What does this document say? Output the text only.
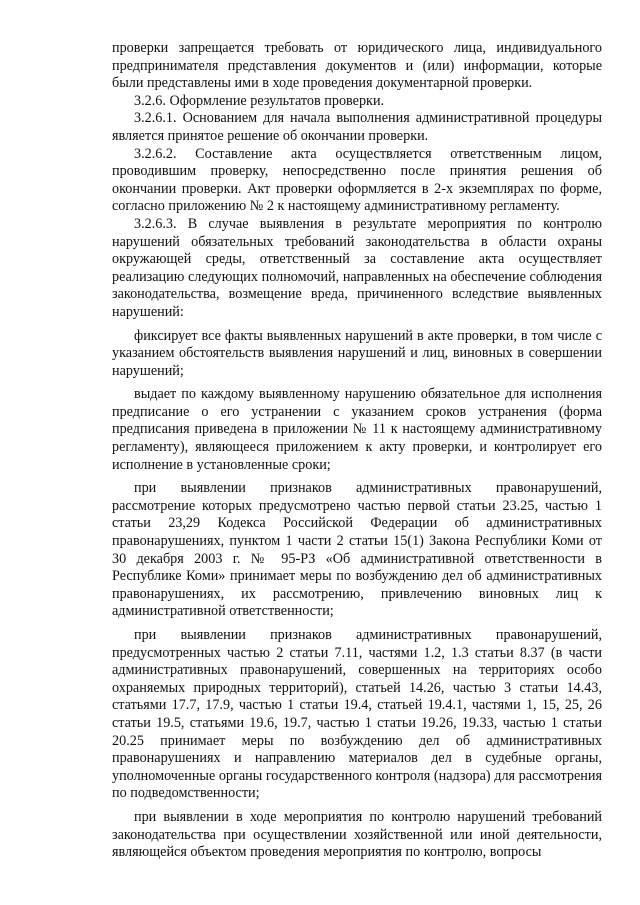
проверки запрещается требовать от юридического лица, индивидуального предпринимателя представления документов и (или) информации, которые были представлены ими в ходе проведения документарной проверки.

3.2.6. Оформление результатов проверки.

3.2.6.1. Основанием для начала выполнения административной процедуры является принятое решение об окончании проверки.

3.2.6.2. Составление акта осуществляется ответственным лицом, проводившим проверку, непосредственно после принятия решения об окончании проверки. Акт проверки оформляется в 2-х экземплярах по форме, согласно приложению № 2 к настоящему административному регламенту.

3.2.6.3. В случае выявления в результате мероприятия по контролю нарушений обязательных требований законодательства в области охраны окружающей среды, ответственный за составление акта осуществляет реализацию следующих полномочий, направленных на обеспечение соблюдения законодательства, возмещение вреда, причиненного вследствие выявленных нарушений:

фиксирует все факты выявленных нарушений в акте проверки, в том числе с указанием обстоятельств выявления нарушений и лиц, виновных в совершении нарушений;

выдает по каждому выявленному нарушению обязательное для исполнения предписание о его устранении с указанием сроков устранения (форма предписания приведена в приложении № 11 к настоящему административному регламенту), являющееся приложением к акту проверки, и контролирует его исполнение в установленные сроки;

при выявлении признаков административных правонарушений, рассмотрение которых предусмотрено частью первой статьи 23.25, частью 1 статьи 23,29 Кодекса Российской Федерации об административных правонарушениях, пунктом 1 части 2 статьи 15(1) Закона Республики Коми от 30 декабря 2003 г. № 95-РЗ «Об административной ответственности в Республике Коми» принимает меры по возбуждению дел об административных правонарушениях, их рассмотрению, привлечению виновных лиц к административной ответственности;

при выявлении признаков административных правонарушений, предусмотренных частью 2 статьи 7.11, частями 1.2, 1.3 статьи 8.37 (в части административных правонарушений, совершенных на территориях особо охраняемых природных территорий), статьей 14.26, частью 3 статьи 14.43, статьями 17.7, 17.9, частью 1 статьи 19.4, статьей 19.4.1, частями 1, 15, 25, 26 статьи 19.5, статьями 19.6, 19.7, частью 1 статьи 19.26, 19.33, частью 1 статьи 20.25 принимает меры по возбуждению дел об административных правонарушениях и направлению материалов дел в судебные органы, уполномоченные органы государственного контроля (надзора) для рассмотрения по подведомственности;

при выявлении в ходе мероприятия по контролю нарушений требований законодательства при осуществлении хозяйственной или иной деятельности, являющейся объектом проведения мероприятия по контролю, вопросы
